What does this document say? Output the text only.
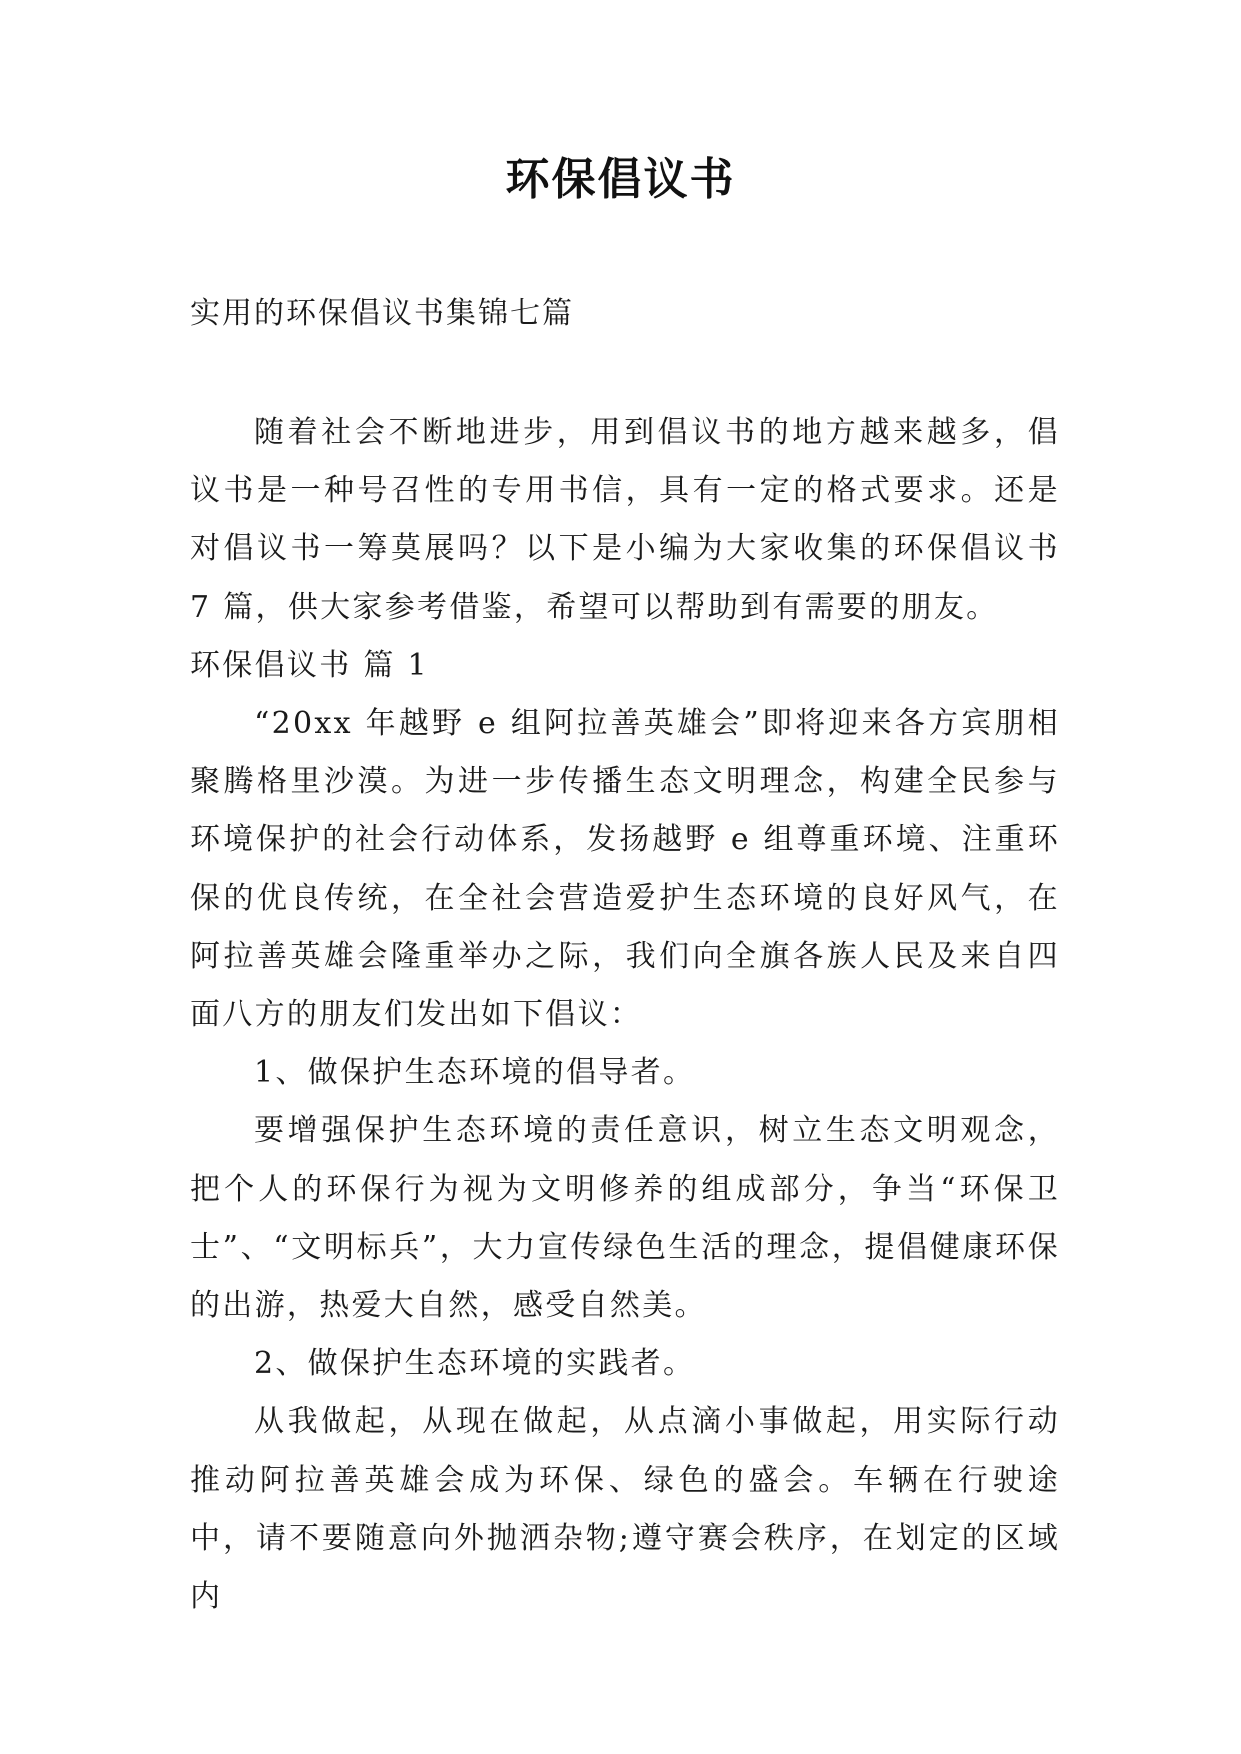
环保倡议书

实用的环保倡议书集锦七篇

随着社会不断地进步，用到倡议书的地方越来越多，倡议书是一种号召性的专用书信，具有一定的格式要求。还是对倡议书一筹莫展吗？以下是小编为大家收集的环保倡议书 7 篇，供大家参考借鉴，希望可以帮助到有需要的朋友。

环保倡议书 篇 1

“20xx 年越野 e 组阿拉善英雄会”即将迎来各方宾朋相聚腾格里沙漠。为进一步传播生态文明理念，构建全民参与环境保护的社会行动体系，发扬越野 e 组尊重环境、注重环保的优良传统，在全社会营造爱护生态环境的良好风气，在阿拉善英雄会隆重举办之际，我们向全旗各族人民及来自四面八方的朋友们发出如下倡议：

1、做保护生态环境的倡导者。

要增强保护生态环境的责任意识，树立生态文明观念，把个人的环保行为视为文明修养的组成部分，争当“环保卫士”、“文明标兵”，大力宣传绿色生活的理念，提倡健康环保的出游，热爱大自然，感受自然美。

2、做保护生态环境的实践者。

从我做起，从现在做起，从点滴小事做起，用实际行动推动阿拉善英雄会成为环保、绿色的盛会。车辆在行驶途中，请不要随意向外抛洒杂物;遵守赛会秩序，在划定的区域内
